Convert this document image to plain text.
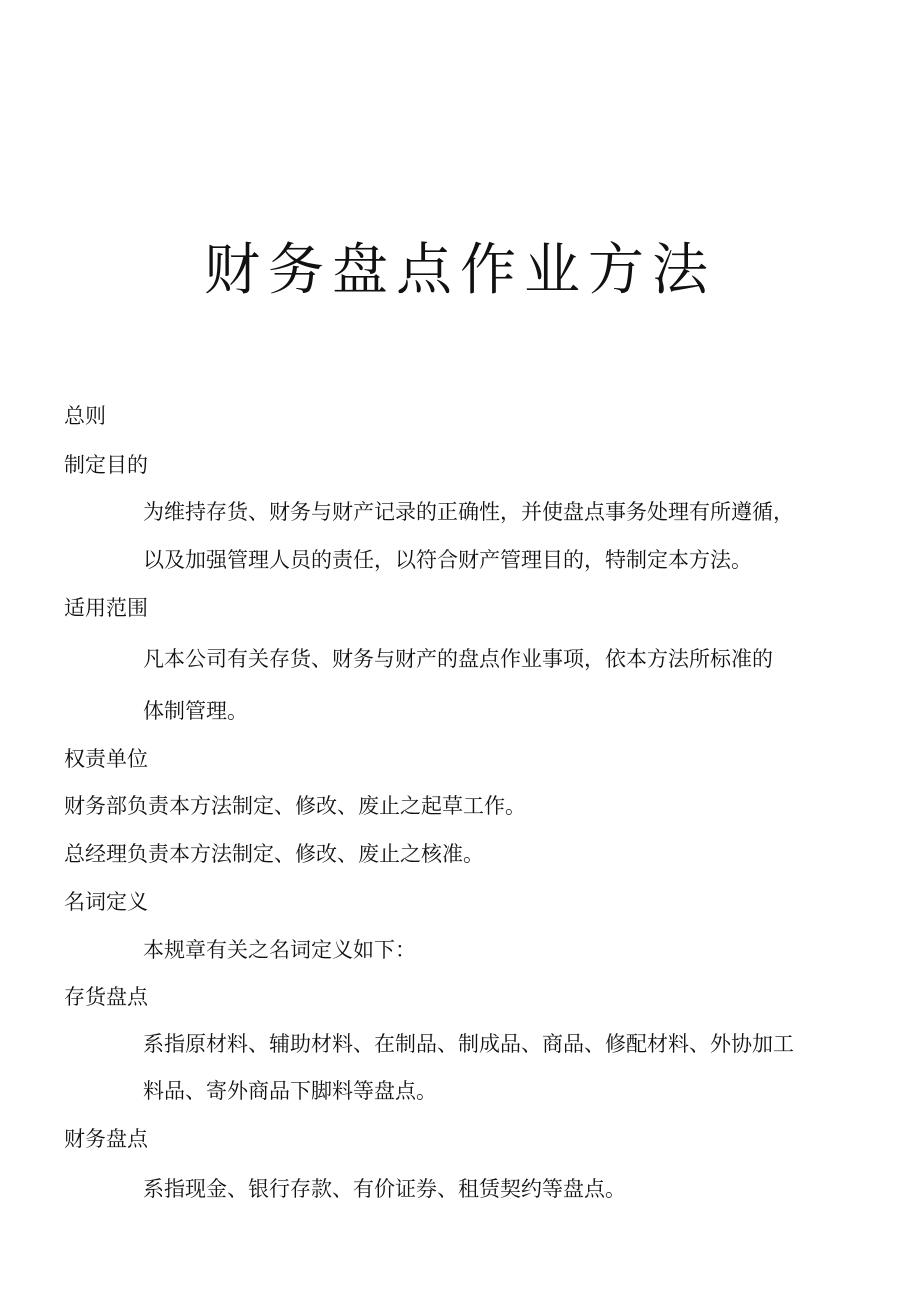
财务盘点作业方法

总则

制定目的

为维持存货、财务与财产记录的正确性，并使盘点事务处理有所遵循，

以及加强管理人员的责任，以符合财产管理目的，特制定本方法。

适用范围

凡本公司有关存货、财务与财产的盘点作业事项，依本方法所标准的

体制管理。

权责单位

财务部负责本方法制定、修改、废止之起草工作。

总经理负责本方法制定、修改、废止之核准。

名词定义

本规章有关之名词定义如下：

存货盘点

系指原材料、辅助材料、在制品、制成品、商品、修配材料、外协加工

料品、寄外商品下脚料等盘点。

财务盘点

系指现金、银行存款、有价证券、租赁契约等盘点。
